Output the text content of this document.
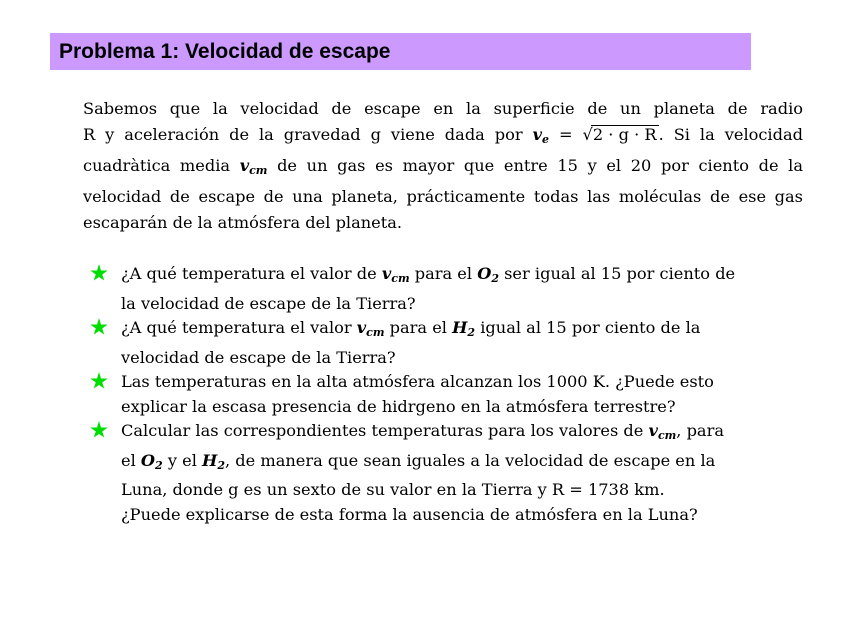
Problema 1: Velocidad de escape
Sabemos que la velocidad de escape en la superficie de un planeta de radio
R y aceleración de la gravedad g viene dada por $v_e = √2 \cdot g \cdot R$ . Si la velocidad
cuadràtica media $v_{cm}$ de un gas es mayor que entre 15 y el 20 por ciento de la
velocidad de escape de una planeta, prácticamente todas las moléculas de ese gas
escaparán de la atmósfera del planeta.
¿A qué temperatura el valor de $v_{cm}$ para el $O_2$ ser igual al 15 por ciento de
la velocidad de escape de la Tierra?
¿A qué temperatura el valor $v_{cm}$ para el $H_2$ igual al 15 por ciento de la
velocidad de escape de la Tierra?
Las temperaturas en la alta atmósfera alcanzan los 1000 K. ¿Puede esto
explicar la escasa presencia de hidrgeno en la atmósfera terrestre?
Calcular las correspondientes temperaturas para los valores de $v_{cm}$, para
el $O_2$ y el $H_2$, de manera que sean iguales a la velocidad de escape en la
Luna, donde g es un sexto de su valor en la Tierra y R = 1738 km.
¿Puede explicarse de esta forma la ausencia de atmósfera en la Luna?
